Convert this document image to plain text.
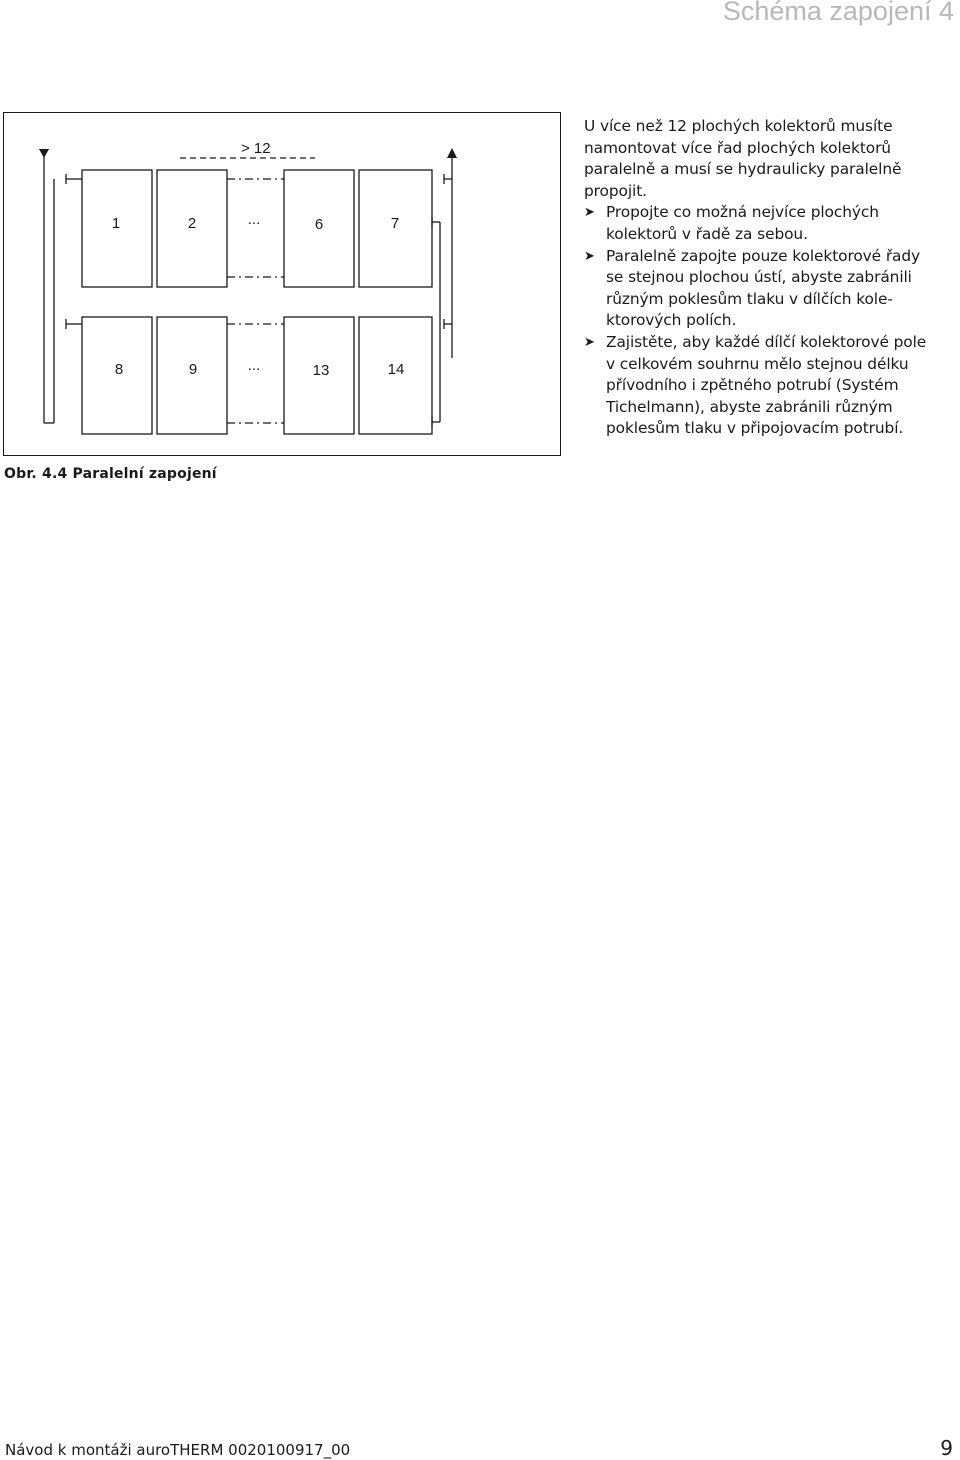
Schéma zapojení 4
> 12
1	2	...	6	7
8	9	...	13	14
Obr. 4.4 Paralelní zapojení

U více než 12 plochých kolektorů musíte

namontovat více řad plochých kolektorů

paralelně a musí se hydraulicky paralelně

propojit.

➤ Propojte co možná nejvíce plochých

kolektorů v řadě za sebou.

➤ Paralelně zapojte pouze kolektorové řady

se stejnou plochou ústí, abyste zabránili

různým poklesům tlaku v dílčích kole-

ktorových polích.

➤ Zajistěte, aby každé dílčí kolektorové pole

v celkovém souhrnu mělo stejnou délku

přívodního i zpětného potrubí (Systém

Tichelmann), abyste zabránili různým

poklesům tlaku v připojovacím potrubí.

Návod k montáži auroTHERM 0020100917_00	9
